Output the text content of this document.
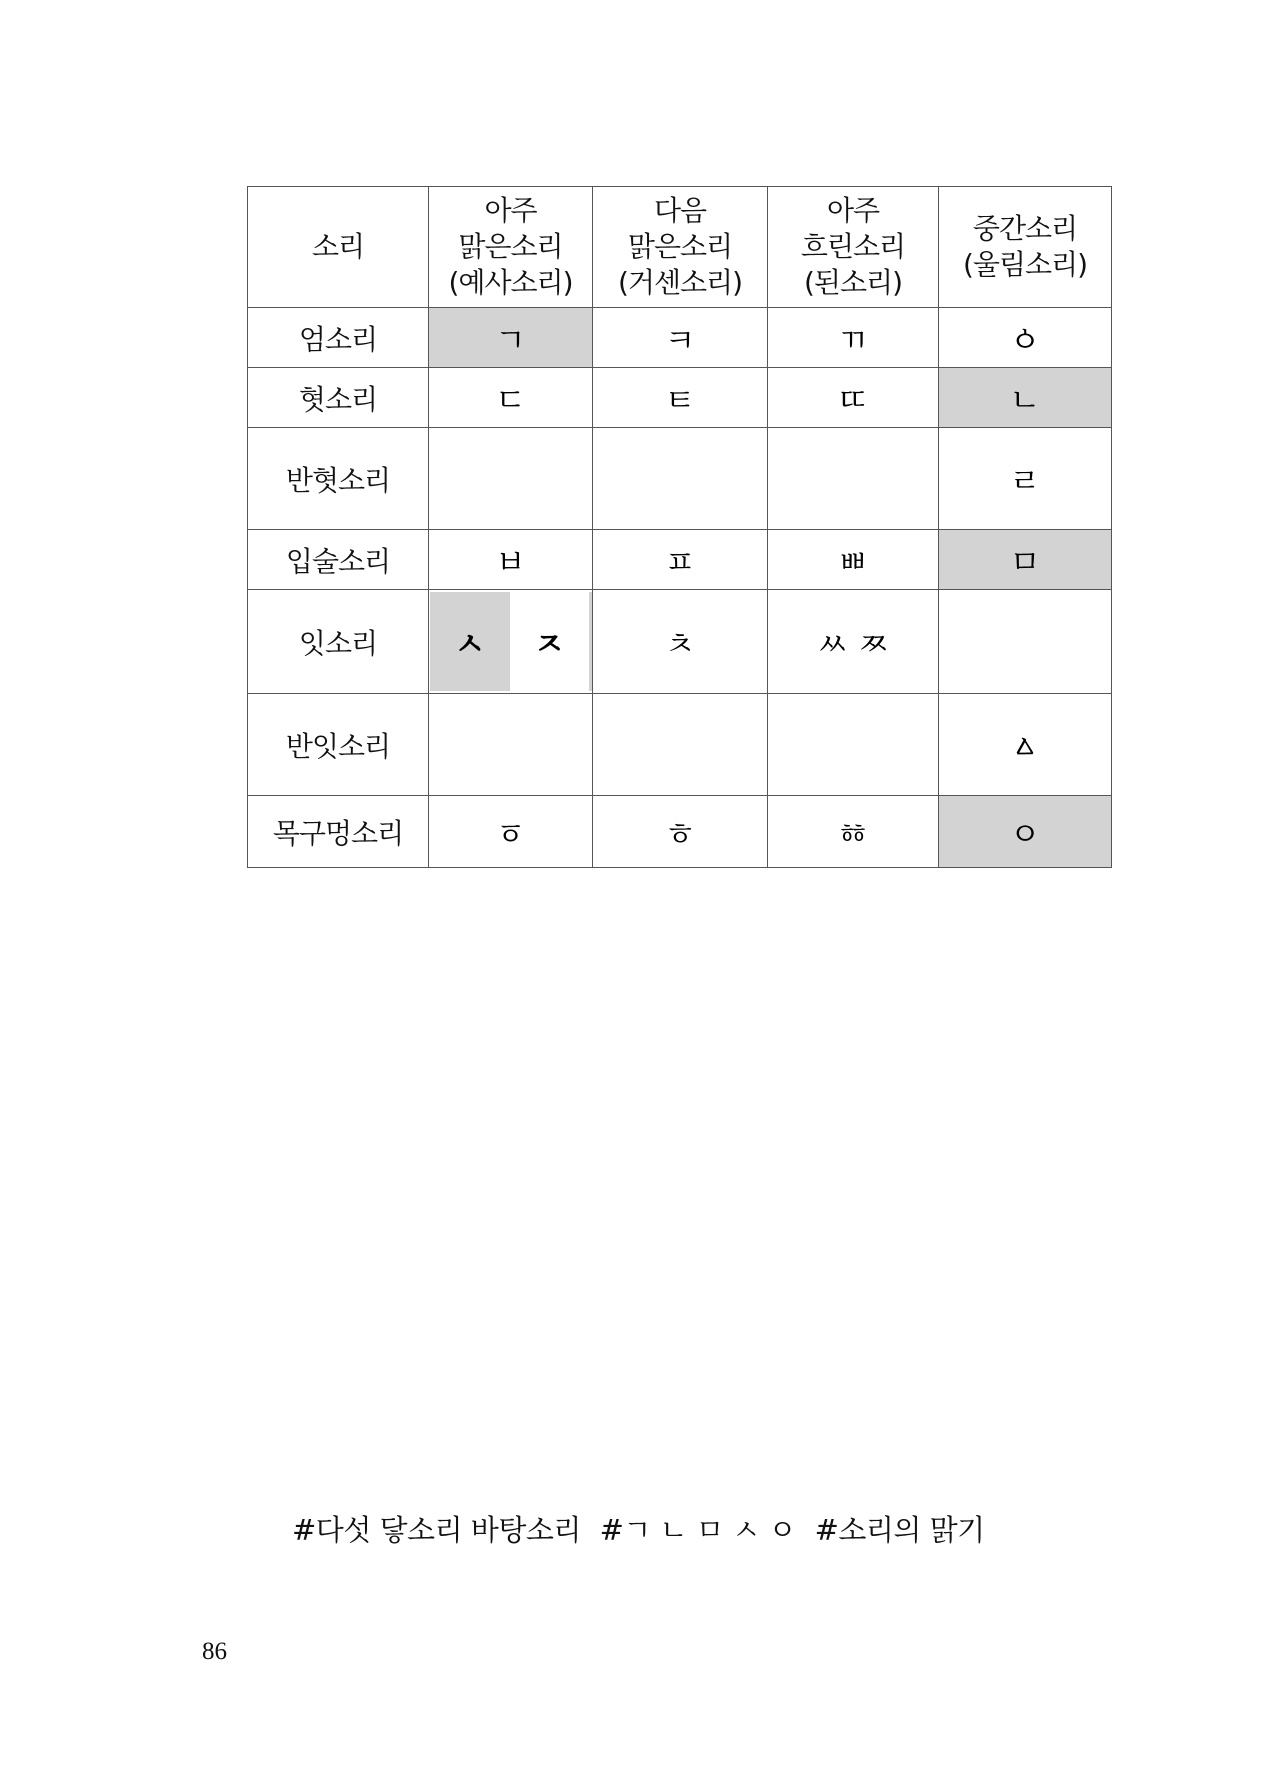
소리	아주
맑은소리
(예사소리)	다음
맑은소리
(거센소리)	아주
흐린소리
(된소리)	중간소리
(울림소리)

엄소리	ㄱ	ㅋ	ㄲ	ㆁ
혓소리	ㄷ	ㅌ	ㄸ	ㄴ
반혓소리				ㄹ
입술소리	ㅂ	ㅍ	ㅃ	ㅁ
잇소리	ㅅ ㅈ	ㅊ	ㅆ ㅉ	
반잇소리				ㅿ
목구멍소리	ㆆ	ㅎ	ㆅ	ㅇ
#다섯 닿소리 바탕소리 #ㄱ ㄴ ㅁ ㅅ ㅇ #소리의 맑기
86
